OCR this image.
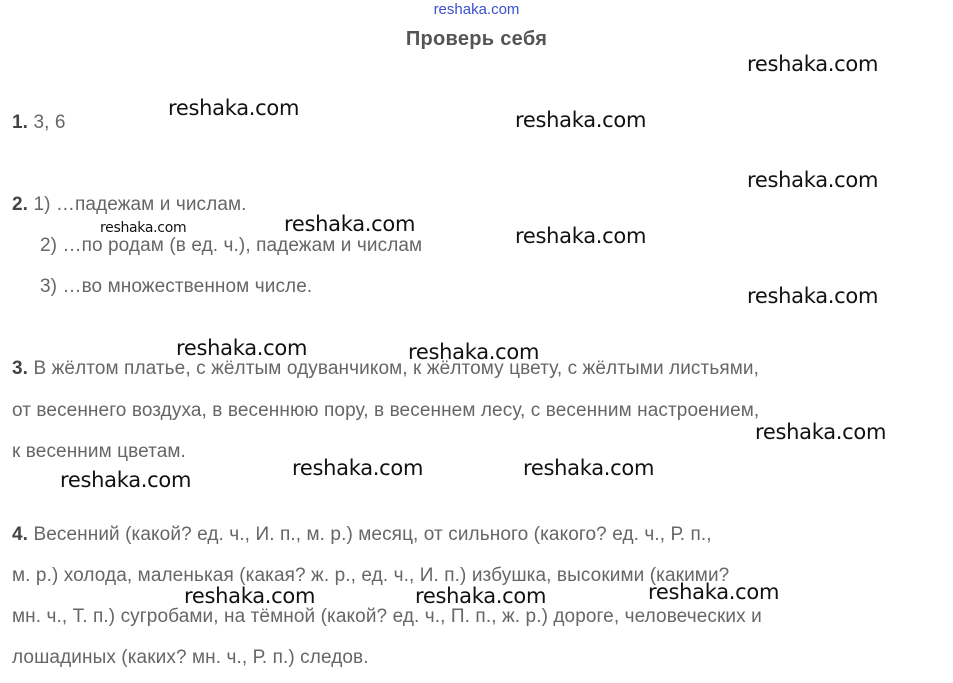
reshaka.com
Проверь себя
1. 3, 6
2. 1) …падежам и числам.
2) …по родам (в ед. ч.), падежам и числам
3) …во множественном числе.
3. В жёлтом платье, с жёлтым одуванчиком, к жёлтому цвету, с жёлтыми листьями,
от весеннего воздуха, в весеннюю пору, в весеннем лесу, с весенним настроением,
к весенним цветам.
4. Весенний (какой? ед. ч., И. п., м. р.) месяц, от сильного (какого? ед. ч., Р. п.,
м. р.) холода, маленькая (какая? ж. р., ед. ч., И. п.) избушка, высокими (какими?
мн. ч., Т. п.) сугробами, на тёмной (какой? ед. ч., П. п., ж. р.) дороге, человеческих и
лошадиных (каких? мн. ч., Р. п.) следов.
reshaka.com
reshaka.com	reshaka.com
reshaka.com
reshaka.com
reshaka.com	reshaka.com
reshaka.com
reshaka.com	reshaka.com
reshaka.com
reshaka.com	reshaka.com
reshaka.com
reshaka.com
reshaka.com	reshaka.com
